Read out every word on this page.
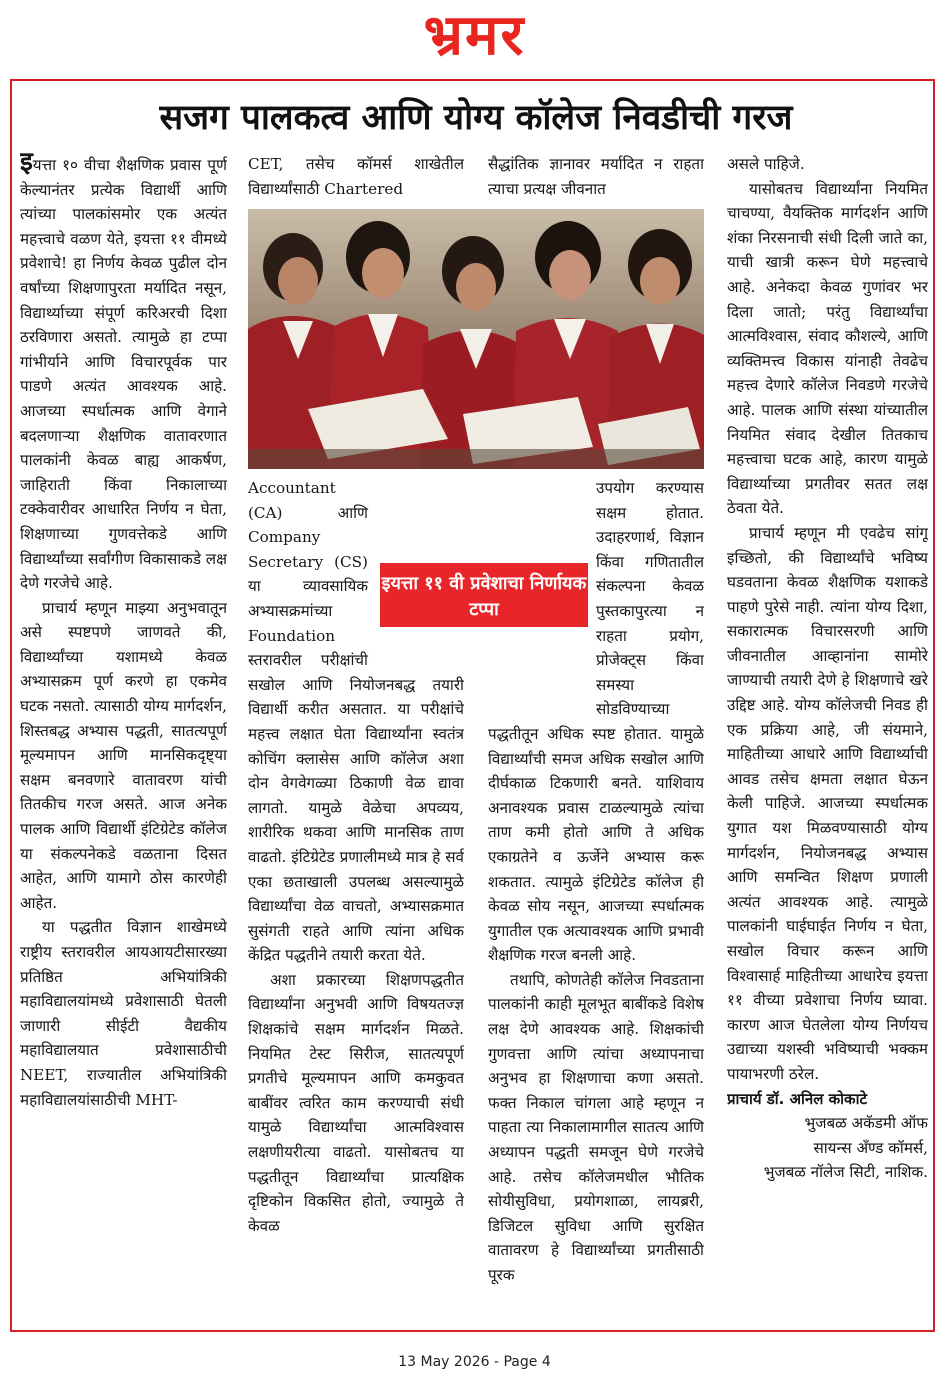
भ्रमर
सजग पालकत्व आणि योग्य कॉलेज निवडीची गरज

इयत्ता १० वीचा शैक्षणिक प्रवास पूर्ण केल्यानंतर प्रत्येक विद्यार्थी आणि त्यांच्या पालकांसमोर एक अत्यंत महत्त्वाचे वळण येते, इयत्ता ११ वीमध्ये प्रवेशाचे! हा निर्णय केवळ पुढील दोन वर्षांच्या शिक्षणापुरता मर्यादित नसून, विद्यार्थ्याच्या संपूर्ण करिअरची दिशा ठरविणारा असतो. त्यामुळे हा टप्पा गांभीर्याने आणि विचारपूर्वक पार पाडणे अत्यंत आवश्यक आहे. आजच्या स्पर्धात्मक आणि वेगाने बदलणाऱ्या शैक्षणिक वातावरणात पालकांनी केवळ बाह्य आकर्षण, जाहिराती किंवा निकालाच्या टक्केवारीवर आधारित निर्णय न घेता, शिक्षणाच्या गुणवत्तेकडे आणि विद्यार्थ्यांच्या सर्वांगीण विकासाकडे लक्ष देणे गरजेचे आहे.

प्राचार्य म्हणून माझ्या अनुभवातून असे स्पष्टपणे जाणवते की, विद्यार्थ्यांच्या यशामध्ये केवळ अभ्यासक्रम पूर्ण करणे हा एकमेव घटक नसतो. त्यासाठी योग्य मार्गदर्शन, शिस्तबद्ध अभ्यास पद्धती, सातत्यपूर्ण मूल्यमापन आणि मानसिकदृष्ट्या सक्षम बनवणारे वातावरण यांची तितकीच गरज असते. आज अनेक पालक आणि विद्यार्थी इंटिग्रेटेड कॉलेज या संकल्पनेकडे वळताना दिसत आहेत, आणि यामागे ठोस कारणेही आहेत.

या पद्धतीत विज्ञान शाखेमध्ये राष्ट्रीय स्तरावरील आयआयटीसारख्या प्रतिष्ठित अभियांत्रिकी महाविद्यालयांमध्ये प्रवेशासाठी घेतली जाणारी सीईटी वैद्यकीय महाविद्यालयात प्रवेशासाठीची NEET, राज्यातील अभियांत्रिकी महाविद्यालयांसाठीची MHT-

CET, तसेच कॉमर्स शाखेतील विद्यार्थ्यांसाठी Chartered

सैद्धांतिक ज्ञानावर मर्यादित न राहता त्याचा प्रत्यक्ष जीवनात

Accountant (CA) आणि Company Secretary (CS) या व्यावसायिक अभ्यासक्रमांच्या Foundation स्तरावरील परीक्षांची सखोल आणि नियोजनबद्ध तयारी विद्यार्थी करीत असतात. या परीक्षांचे महत्त्व लक्षात घेता विद्यार्थ्यांना स्वतंत्र कोचिंग क्लासेस आणि कॉलेज अशा दोन वेगवेगळ्या ठिकाणी वेळ द्यावा लागतो. यामुळे वेळेचा अपव्यय, शारीरिक थकवा आणि मानसिक ताण वाढतो. इंटिग्रेटेड प्रणालीमध्ये मात्र हे सर्व एका छताखाली उपलब्ध असल्यामुळे विद्यार्थ्यांचा वेळ वाचतो, अभ्यासक्रमात सुसंगती राहते आणि त्यांना अधिक केंद्रित पद्धतीने तयारी करता येते.

अशा प्रकारच्या शिक्षणपद्धतीत विद्यार्थ्यांना अनुभवी आणि विषयतज्ज्ञ शिक्षकांचे सक्षम मार्गदर्शन मिळते. नियमित टेस्ट सिरीज, सातत्यपूर्ण प्रगतीचे मूल्यमापन आणि कमकुवत बाबींवर त्वरित काम करण्याची संधी यामुळे विद्यार्थ्यांचा आत्मविश्वास लक्षणीयरीत्या वाढतो. यासोबतच या पद्धतीतून विद्यार्थ्यांचा प्रात्यक्षिक दृष्टिकोन विकसित होतो, ज्यामुळे ते केवळ

उपयोग करण्यास सक्षम होतात. उदाहरणार्थ, विज्ञान किंवा गणितातील संकल्पना केवळ पुस्तकापुरत्या न राहता प्रयोग, प्रोजेक्ट्स किंवा समस्या सोडविण्याच्या पद्धतीतून अधिक स्पष्ट होतात. यामुळे विद्यार्थ्यांची समज अधिक सखोल आणि दीर्घकाळ टिकणारी बनते. याशिवाय अनावश्यक प्रवास टाळल्यामुळे त्यांचा ताण कमी होतो आणि ते अधिक एकाग्रतेने व ऊर्जेने अभ्यास करू शकतात. त्यामुळे इंटिग्रेटेड कॉलेज ही केवळ सोय नसून, आजच्या स्पर्धात्मक युगातील एक अत्यावश्यक आणि प्रभावी शैक्षणिक गरज बनली आहे.

तथापि, कोणतेही कॉलेज निवडताना पालकांनी काही मूलभूत बाबींकडे विशेष लक्ष देणे आवश्यक आहे. शिक्षकांची गुणवत्ता आणि त्यांचा अध्यापनाचा अनुभव हा शिक्षणाचा कणा असतो. फक्त निकाल चांगला आहे म्हणून न पाहता त्या निकालामागील सातत्य आणि अध्यापन पद्धती समजून घेणे गरजेचे आहे. तसेच कॉलेजमधील भौतिक सोयीसुविधा, प्रयोगशाळा, लायब्ररी, डिजिटल सुविधा आणि सुरक्षित वातावरण हे विद्यार्थ्यांच्या प्रगतीसाठी पूरक

इयत्ता ११ वी प्रवेशाचा निर्णायक टप्पा

असले पाहिजे.

यासोबतच विद्यार्थ्यांना नियमित चाचण्या, वैयक्तिक मार्गदर्शन आणि शंका निरसनाची संधी दिली जाते का, याची खात्री करून घेणे महत्त्वाचे आहे. अनेकदा केवळ गुणांवर भर दिला जातो; परंतु विद्यार्थ्यांचा आत्मविश्वास, संवाद कौशल्ये, आणि व्यक्तिमत्त्व विकास यांनाही तेवढेच महत्त्व देणारे कॉलेज निवडणे गरजेचे आहे. पालक आणि संस्था यांच्यातील नियमित संवाद देखील तितकाच महत्त्वाचा घटक आहे, कारण यामुळे विद्यार्थ्याच्या प्रगतीवर सतत लक्ष ठेवता येते.

प्राचार्य म्हणून मी एवढेच सांगू इच्छितो, की विद्यार्थ्यांचे भविष्य घडवताना केवळ शैक्षणिक यशाकडे पाहणे पुरेसे नाही. त्यांना योग्य दिशा, सकारात्मक विचारसरणी आणि जीवनातील आव्हानांना सामोरे जाण्याची तयारी देणे हे शिक्षणाचे खरे उद्दिष्ट आहे. योग्य कॉलेजची निवड ही एक प्रक्रिया आहे, जी संयमाने, माहितीच्या आधारे आणि विद्यार्थ्याची आवड तसेच क्षमता लक्षात घेऊन केली पाहिजे. आजच्या स्पर्धात्मक युगात यश मिळवण्यासाठी योग्य मार्गदर्शन, नियोजनबद्ध अभ्यास आणि समन्वित शिक्षण प्रणाली अत्यंत आवश्यक आहे. त्यामुळे पालकांनी घाईघाईत निर्णय न घेता, सखोल विचार करून आणि विश्वासार्ह माहितीच्या आधारेच इयत्ता ११ वीच्या प्रवेशाचा निर्णय घ्यावा. कारण आज घेतलेला योग्य निर्णयच उद्याच्या यशस्वी भविष्याची भक्कम पायाभरणी ठरेल.

प्राचार्य डॉ. अनिल कोकाटे

भुजबळ अकॅडमी ऑफ

सायन्स अँण्ड कॉमर्स,

भुजबळ नॉलेज सिटी, नाशिक.

13 May 2026 - Page 4
